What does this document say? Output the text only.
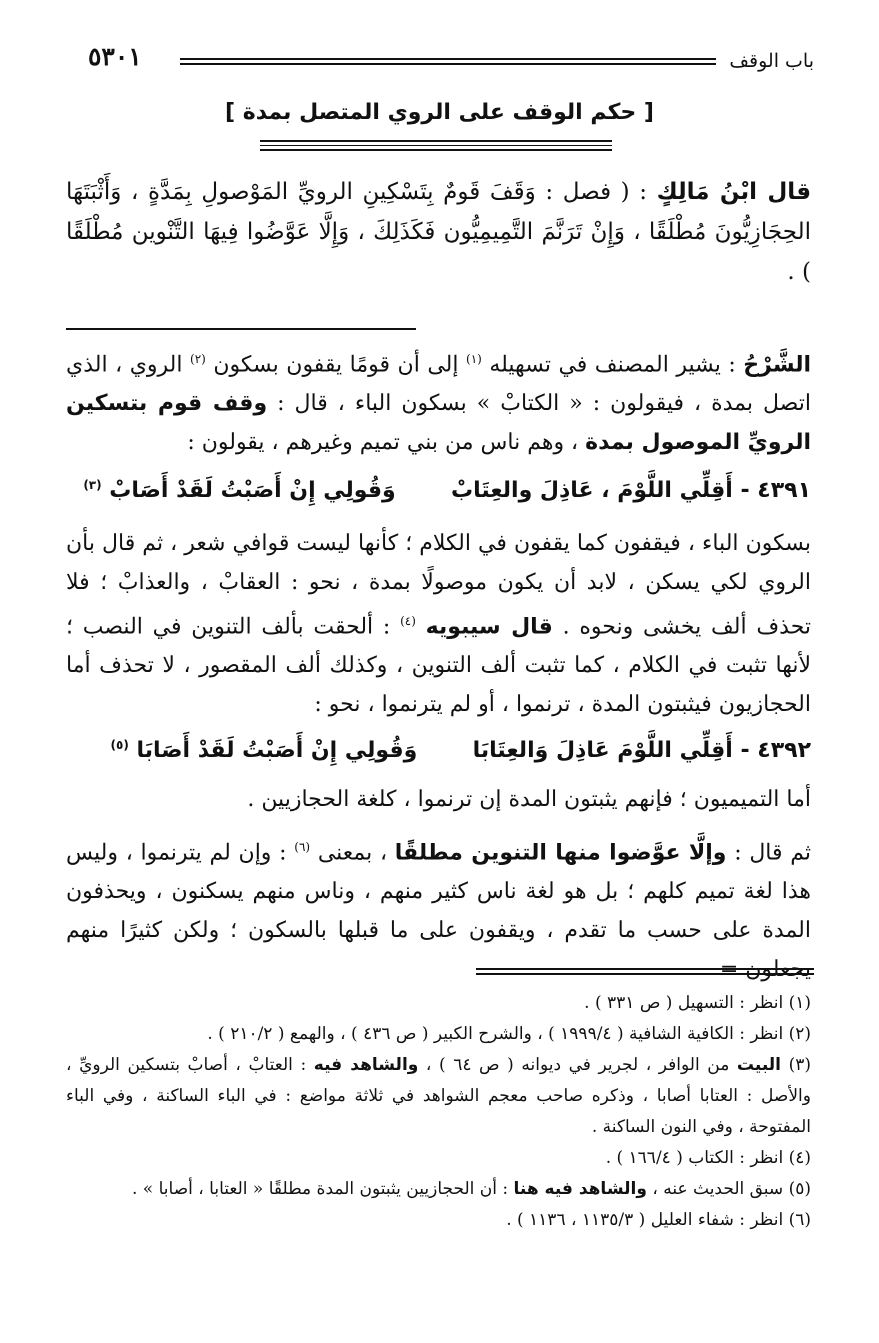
باب الوقف
٥٣٠١
[ حكم الوقف على الروي المتصل بمدة ]
قال ابْنُ مَالِكٍ : ( فصل : وَقَفَ قَومٌ بِتَسْكِينِ الرويِّ المَوْصولِ بِمَدَّةٍ ، وَأَثْبَتَهَا الحِجَازِيُّونَ مُطْلَقًا ، وَإِنْ تَرَنَّمَ التَّمِيمِيُّون فَكَذَلِكَ ، وَإِلَّا عَوَّضُوا فِيهَا التَّنْوين مُطْلَقًا ) .
الشَّرْحُ : يشير المصنف في تسهيله $^{(١)}$ إلى أن قومًا يقفون بسكون $^{(٢)}$ الروي ، الذي اتصل بمدة ، فيقولون : « الكتابْ » بسكون الباء ، قال : وقف قوم بتسكين الرويِّ الموصول بمدة ، وهم ناس من بني تميم وغيرهم ، يقولون :
٤٣٩١ - أَقِلِّي اللَّوْمَ ، عَاذِلَ والعِتَابْ  وَقُولِي إِنْ أَصَبْتُ لَقَدْ أَصَابْ $^{(٣)}$
بسكون الباء ، فيقفون كما يقفون في الكلام ؛ كأنها ليست قوافي شعر ، ثم قال بأن الروي لكي يسكن ، لابد أن يكون موصولًا بمدة ، نحو : العقابْ ، والعذابْ ؛ فلا تحذف ألف يخشى ونحوه . قال سيبويه $^{(٤)}$ : ألحقت بألف التنوين في النصب ؛ لأنها تثبت في الكلام ، كما تثبت ألف التنوين ، وكذلك ألف المقصور ، لا تحذف أما الحجازيون فيثبتون المدة ، ترنموا ، أو لم يترنموا ، نحو :
٤٣٩٢ - أَقِلِّي اللَّوْمَ عَاذِلَ وَالعِتَابَا  وَقُولِي إِنْ أَصَبْتُ لَقَدْ أَصَابَا $^{(٥)}$
أما التميميون ؛ فإنهم يثبتون المدة إن ترنموا ، كلغة الحجازيين .
ثم قال : وإلَّا عوَّضوا منها التنوين مطلقًا ، بمعنى $^{(٦)}$ : وإن لم يترنموا ، وليس هذا لغة تميم كلهم ؛ بل هو لغة ناس كثير منهم ، وناس منهم يسكنون ، ويحذفون المدة على حسب ما تقدم ، ويقفون على ما قبلها بالسكون ؛ ولكن كثيرًا منهم
(١) انظر : التسهيل ( ص ٣٣١ ) .
(٢) انظر : الكافية الشافية ( ١٩٩٩/٤ ) ، والشرح الكبير ( ص ٤٣٦ ) ، والهمع ( ٢١٠/٢ ) .
(٣) البيت من الوافر ، لجرير في ديوانه ( ص ٦٤ ) ، والشاهد فيه : العتابْ ، أصابْ بتسكين الرويِّ ، والأصل : العتابا أصابا ، وذكره صاحب معجم الشواهد في ثلاثة مواضع : في الباء الساكنة ، وفي الباء المفتوحة ، وفي النون الساكنة .
(٤) انظر : الكتاب ( ١٦٦/٤ ) .
(٥) سبق الحديث عنه ، والشاهد فيه هنا : أن الحجازيين يثبتون المدة مطلقًا « العتابا ، أصابا » .
(٦) انظر : شفاء العليل ( ١١٣٥/٣ ، ١١٣٦ ) .
